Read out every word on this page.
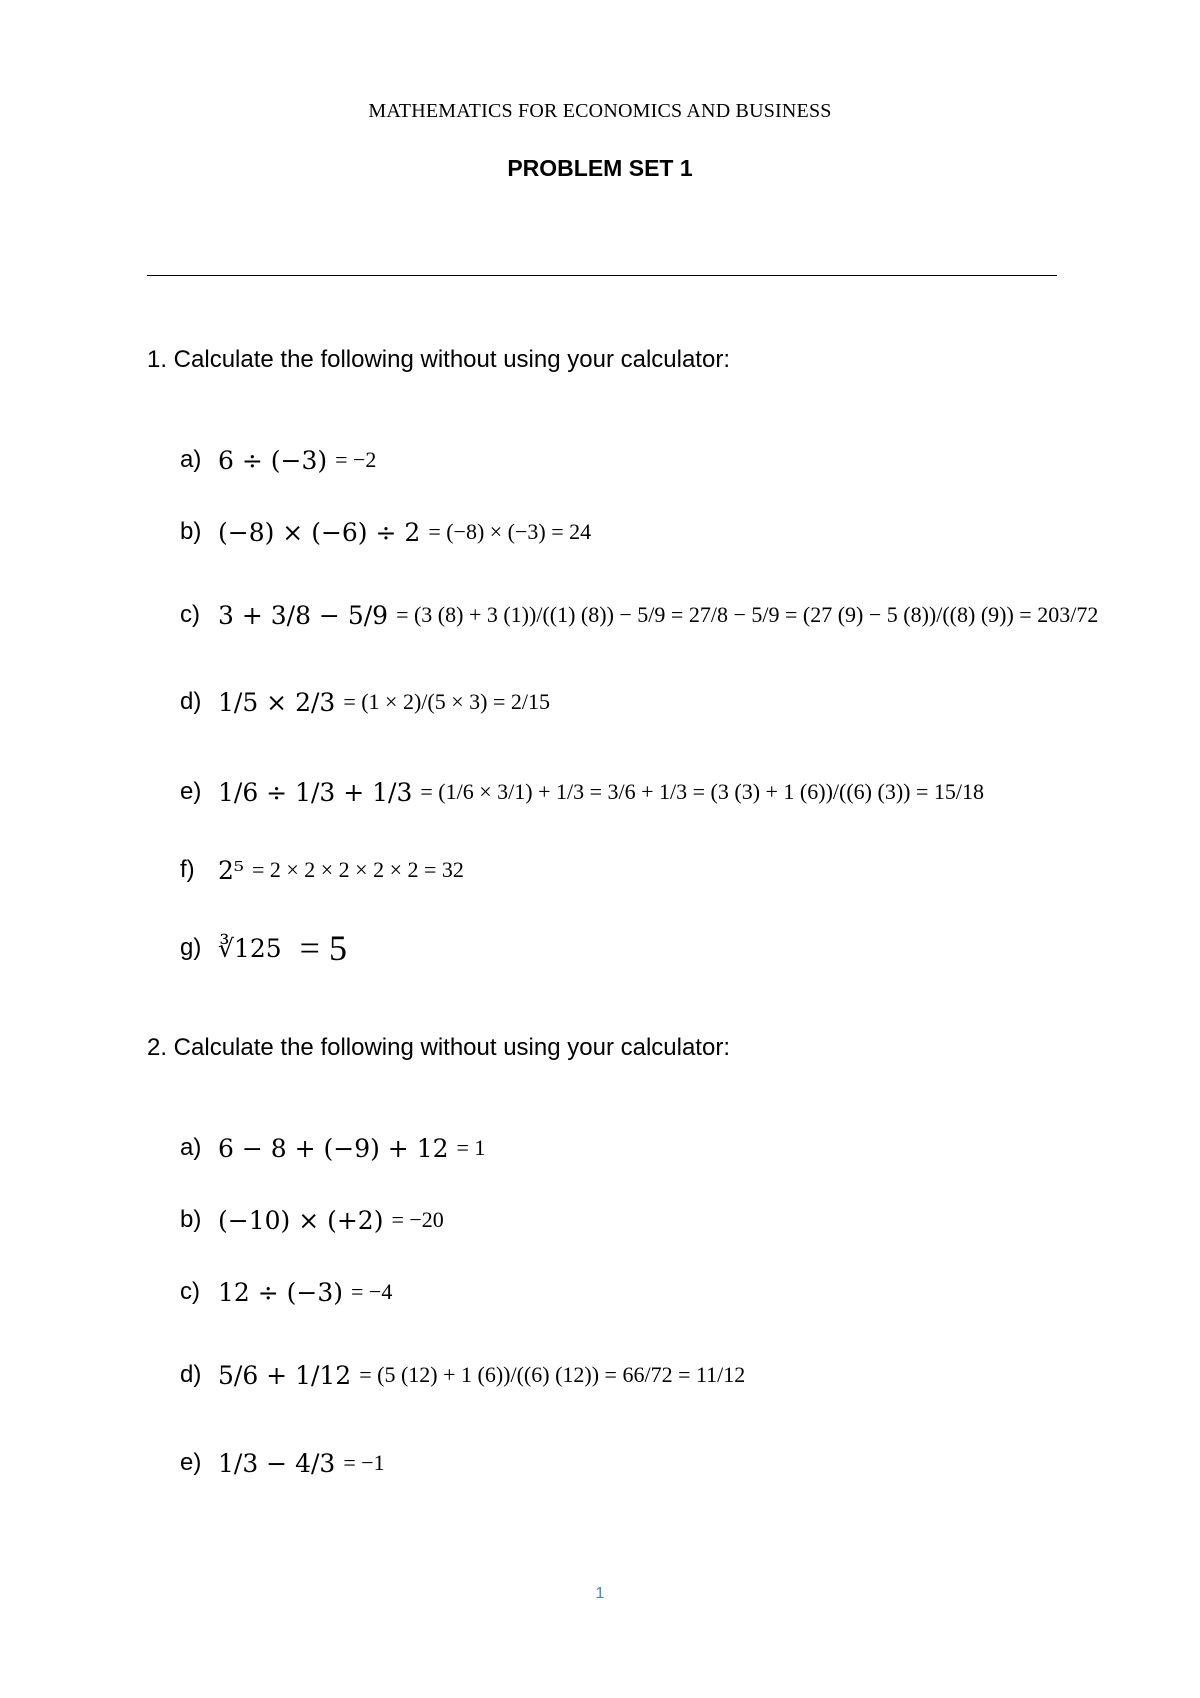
MATHEMATICS FOR ECONOMICS AND BUSINESS
PROBLEM SET 1
1. Calculate the following without using your calculator:
a) 6 ÷ (−3) = −2
b) (−8) × (−6) ÷ 2 = (−8) × (−3) = 24
c) 3 + 3/8 − 5/9 = (3 (8) + 3 (1))/((1) (8)) − 5/9 = 27/8 − 5/9 = (27 (9) − 5 (8))/((8) (9)) = 203/72
d) 1/5 × 2/3 = (1 × 2)/(5 × 3) = 2/15
e) 1/6 ÷ 1/3 + 1/3 = (1/6 × 3/1) + 1/3 = 3/6 + 1/3 = (3 (3) + 1 (6))/((6) (3)) = 15/18
f) 2⁵ = 2 × 2 × 2 × 2 × 2 = 32
g) ∛125 = 5
2. Calculate the following without using your calculator:
a) 6 − 8 + (−9) + 12 = 1
b) (−10) × (+2) = −20
c) 12 ÷ (−3) = −4
d) 5/6 + 1/12 = (5 (12) + 1 (6))/((6) (12)) = 66/72 = 11/12
e) 1/3 − 4/3 = −1
1
